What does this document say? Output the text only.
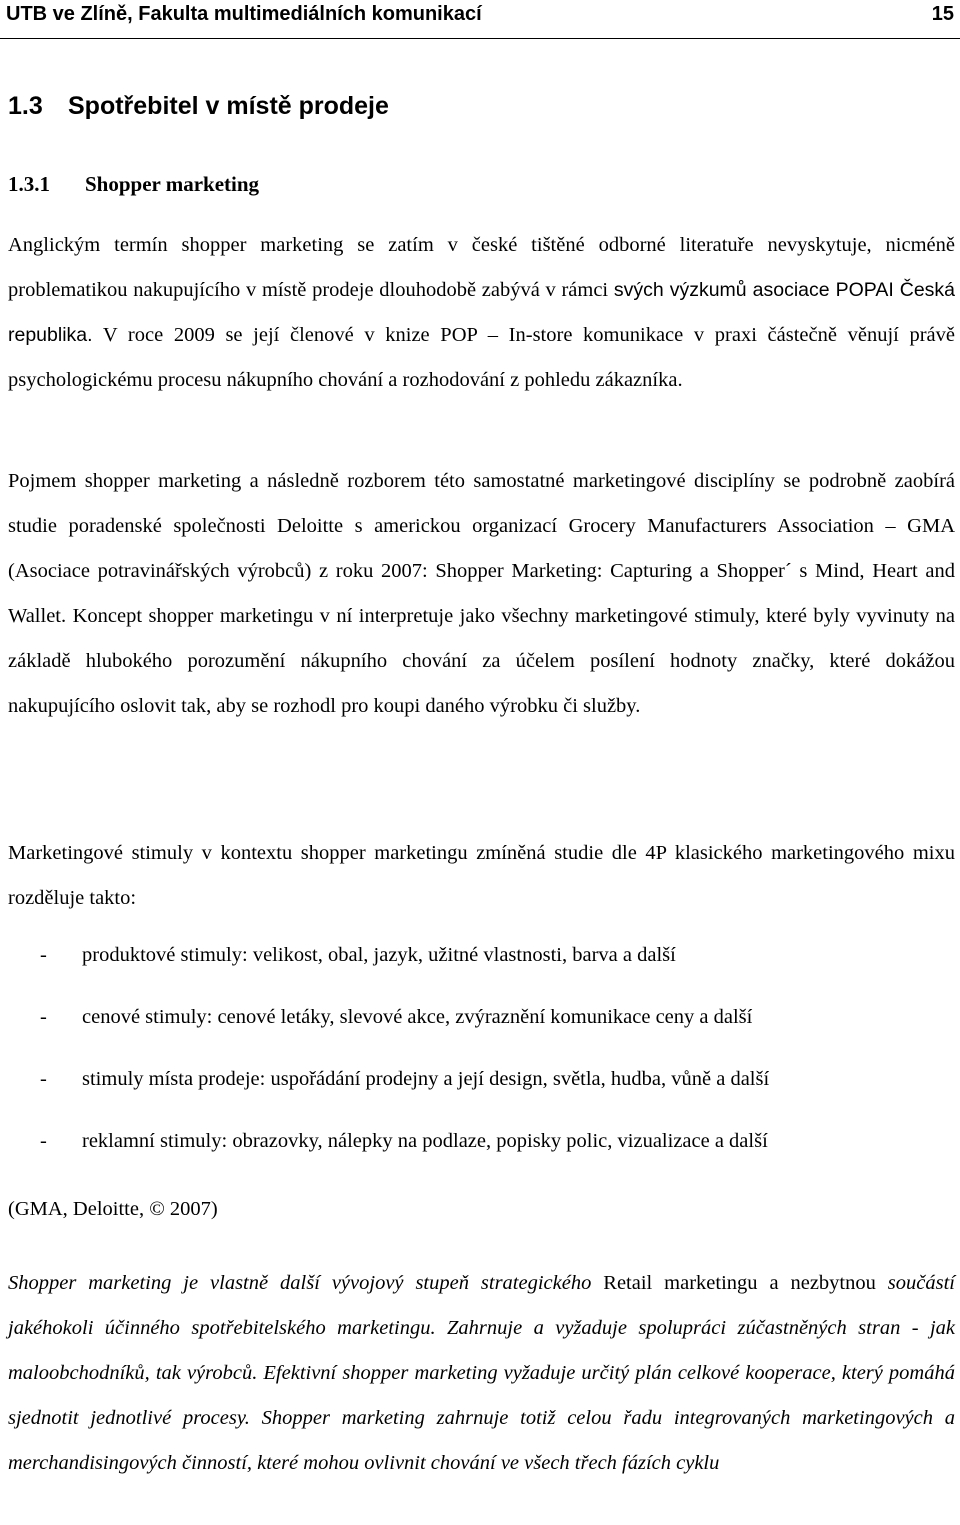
UTB ve Zlíně, Fakulta multimediálních komunikací	15
1.3 Spotřebitel v místě prodeje
1.3.1 Shopper marketing
Anglickým termín shopper marketing se zatím v české tištěné odborné literatuře nevyskytuje, nicméně problematikou nakupujícího v místě prodeje dlouhodobě zabývá v rámci svých výzkumů asociace POPAI Česká republika. V roce 2009 se její členové v knize POP – In-store komunikace v praxi částečně věnují právě psychologickému procesu nákupního chování a rozhodování z pohledu zákazníka.
Pojmem shopper marketing a následně rozborem této samostatné marketingové disciplíny se podrobně zaobírá studie poradenské společnosti Deloitte s americkou organizací Grocery Manufacturers Association – GMA (Asociace potravinářských výrobců) z roku 2007: Shopper Marketing: Capturing a Shopper´ s Mind, Heart and Wallet. Koncept shopper marketingu v ní interpretuje jako všechny marketingové stimuly, které byly vyvinuty na základě hlubokého porozumění nákupního chování za účelem posílení hodnoty značky, které dokážou nakupujícího oslovit tak, aby se rozhodl pro koupi daného výrobku či služby.
Marketingové stimuly v kontextu shopper marketingu zmíněná studie dle 4P klasického marketingového mixu rozděluje takto:
- produktové stimuly: velikost, obal, jazyk, užitné vlastnosti, barva a další
- cenové stimuly: cenové letáky, slevové akce, zvýraznění komunikace ceny a další
- stimuly místa prodeje: uspořádání prodejny a její design, světla, hudba, vůně a další
- reklamní stimuly: obrazovky, nálepky na podlaze, popisky polic, vizualizace a další
(GMA, Deloitte, © 2007)
Shopper marketing je vlastně další vývojový stupeň strategického Retail marketingu a nezbytnou součástí jakéhokoli účinného spotřebitelského marketingu. Zahrnuje a vyžaduje spolupráci zúčastněných stran - jak maloobchodníků, tak výrobců. Efektivní shopper marketing vyžaduje určitý plán celkové kooperace, který pomáhá sjednotit jednotlivé procesy. Shopper marketing zahrnuje totiž celou řadu integrovaných marketingových a merchandisingových činností, které mohou ovlivnit chování ve všech třech fázích cyklu
